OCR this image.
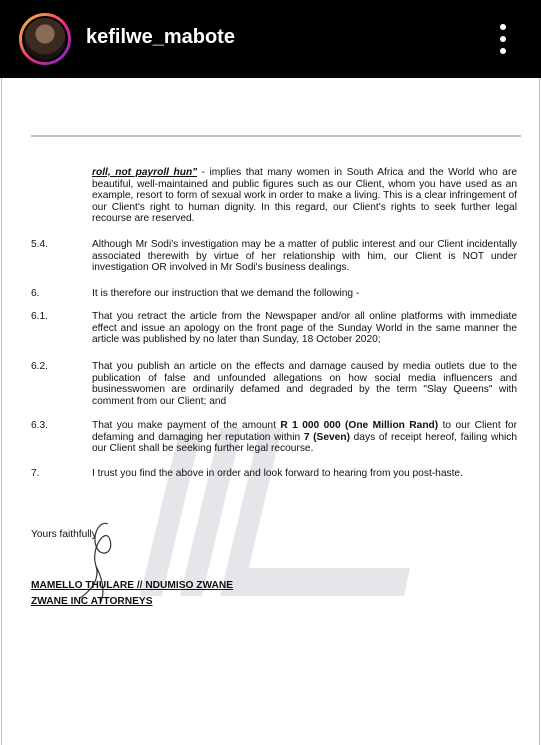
kefilwe_mabote
roll, not payroll hun" - implies that many women in South Africa and the World who are beautiful, well-maintained and public figures such as our Client, whom you have used as an example, resort to form of sexual work in order to make a living. This is a clear infringement of our Client's right to human dignity. In this regard, our Client's rights to seek further legal recourse are reserved.
5.4.	Although Mr Sodi's investigation may be a matter of public interest and our Client incidentally associated therewith by virtue of her relationship with him, our Client is NOT under investigation OR involved in Mr Sodi's business dealings.
6.	It is therefore our instruction that we demand the following -
6.1.	That you retract the article from the Newspaper and/or all online platforms with immediate effect and issue an apology on the front page of the Sunday World in the same manner the article was published by no later than Sunday, 18 October 2020;
6.2.	That you publish an article on the effects and damage caused by media outlets due to the publication of false and unfounded allegations on how social media influencers and businesswomen are ordinarily defamed and degraded by the term "Slay Queens" with comment from our Client; and
6.3.	That you make payment of the amount R 1 000 000 (One Million Rand) to our Client for defaming and damaging her reputation within 7 (Seven) days of receipt hereof, failing which our Client shall be seeking further legal recourse.
7.	I trust you find the above in order and look forward to hearing from you post-haste.
Yours faithfully
MAMELLO THULARE // NDUMISO ZWANE
ZWANE INC ATTORNEYS
